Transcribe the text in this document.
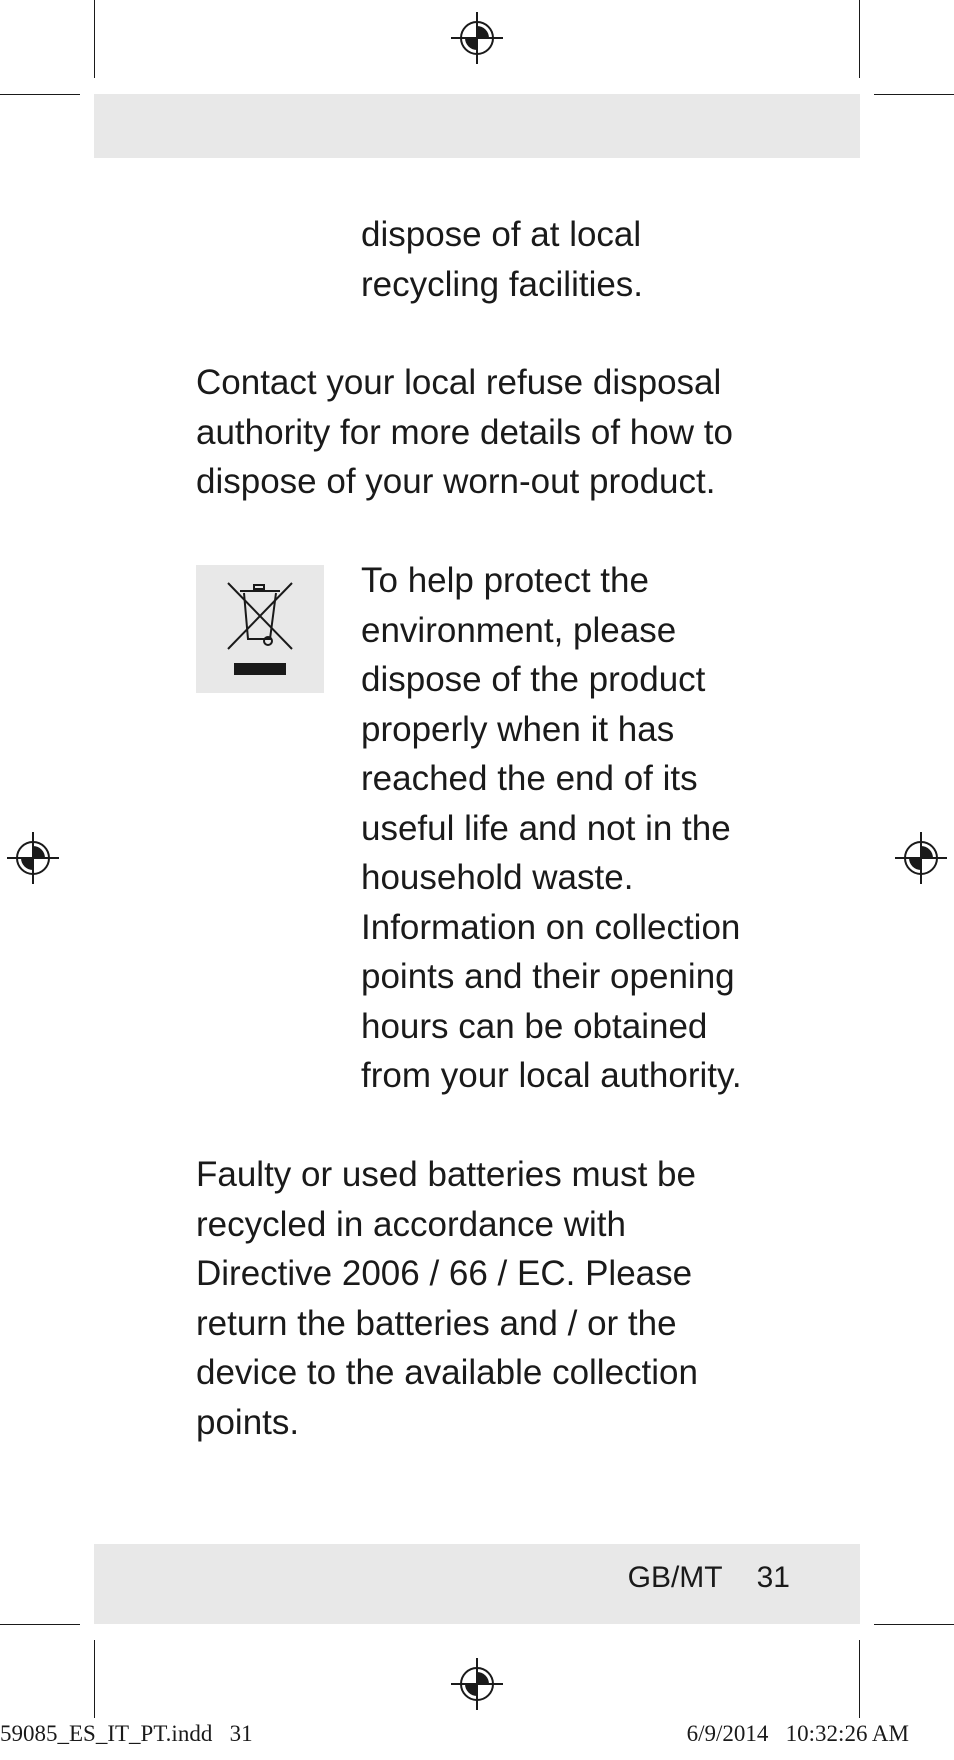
dispose of at local
recycling facilities.
Contact your local refuse disposal
authority for more details of how to
dispose of your worn-out product.
To help protect the
environment, please
dispose of the product
properly when it has
reached the end of its
useful life and not in the
household waste.
Information on collection
points and their opening
hours can be obtained
from your local authority.
Faulty or used batteries must be
recycled in accordance with
Directive 2006 / 66 / EC. Please
return the batteries and / or the
device to the available collection
points.
GB/MT 31
59085_ES_IT_PT.indd   31	6/9/2014   10:32:26 AM
